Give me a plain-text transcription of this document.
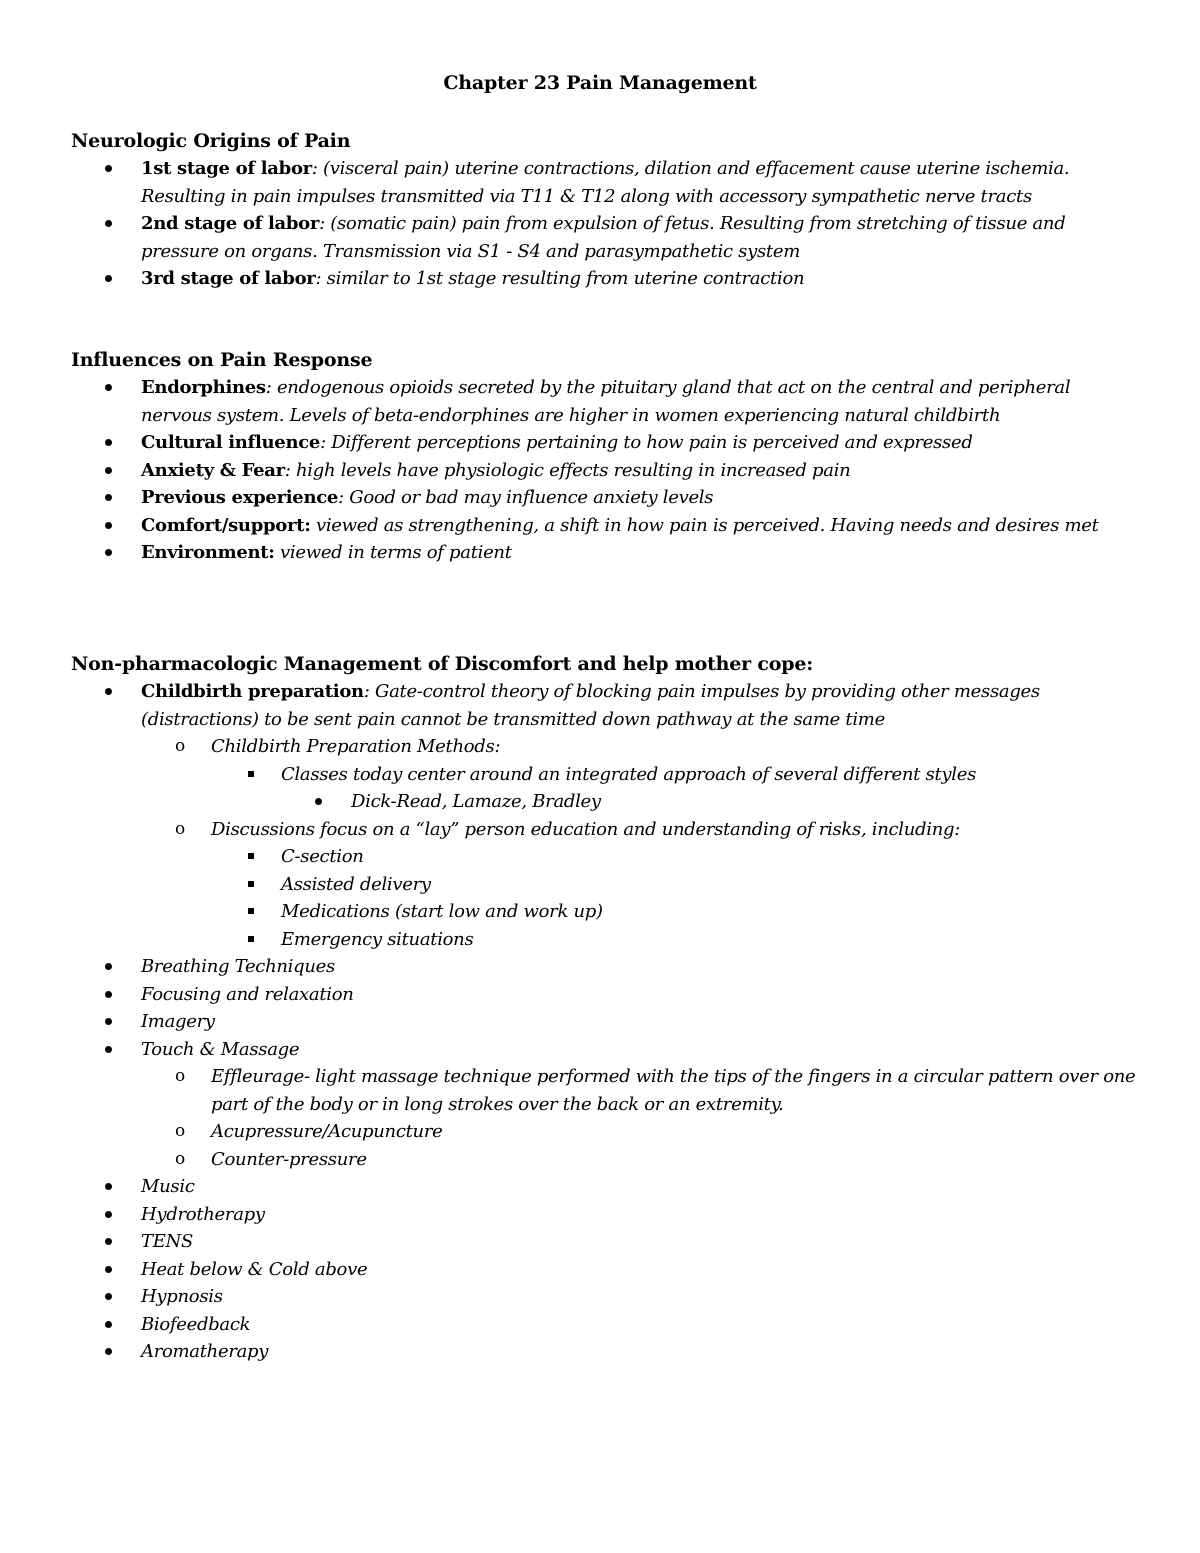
Chapter 23 Pain Management
Neurologic Origins of Pain
1st stage of labor: (visceral pain) uterine contractions, dilation and effacement cause uterine ischemia. Resulting in pain impulses transmitted via T11 & T12 along with accessory sympathetic nerve tracts
2nd stage of labor: (somatic pain) pain from expulsion of fetus. Resulting from stretching of tissue and pressure on organs. Transmission via S1 - S4 and parasympathetic system
3rd stage of labor: similar to 1st stage resulting from uterine contraction
Influences on Pain Response
Endorphines: endogenous opioids secreted by the pituitary gland that act on the central and peripheral nervous system. Levels of beta-endorphines are higher in women experiencing natural childbirth
Cultural influence: Different perceptions pertaining to how pain is perceived and expressed
Anxiety & Fear: high levels have physiologic effects resulting in increased pain
Previous experience: Good or bad may influence anxiety levels
Comfort/support: viewed as strengthening, a shift in how pain is perceived. Having needs and desires met
Environment: viewed in terms of patient
Non-pharmacologic Management of Discomfort and help mother cope:
Childbirth preparation: Gate-control theory of blocking pain impulses by providing other messages (distractions) to be sent pain cannot be transmitted down pathway at the same time
o Childbirth Preparation Methods:
Classes today center around an integrated approach of several different styles
Dick-Read, Lamaze, Bradley
o Discussions focus on a “lay” person education and understanding of risks, including:
C-section
Assisted delivery
Medications (start low and work up)
Emergency situations
Breathing Techniques
Focusing and relaxation
Imagery
Touch & Massage
o Effleurage- light massage technique performed with the tips of the fingers in a circular pattern over one part of the body or in long strokes over the back or an extremity.
o Acupressure/Acupuncture
o Counter-pressure
Music
Hydrotherapy
TENS
Heat below & Cold above
Hypnosis
Biofeedback
Aromatherapy
